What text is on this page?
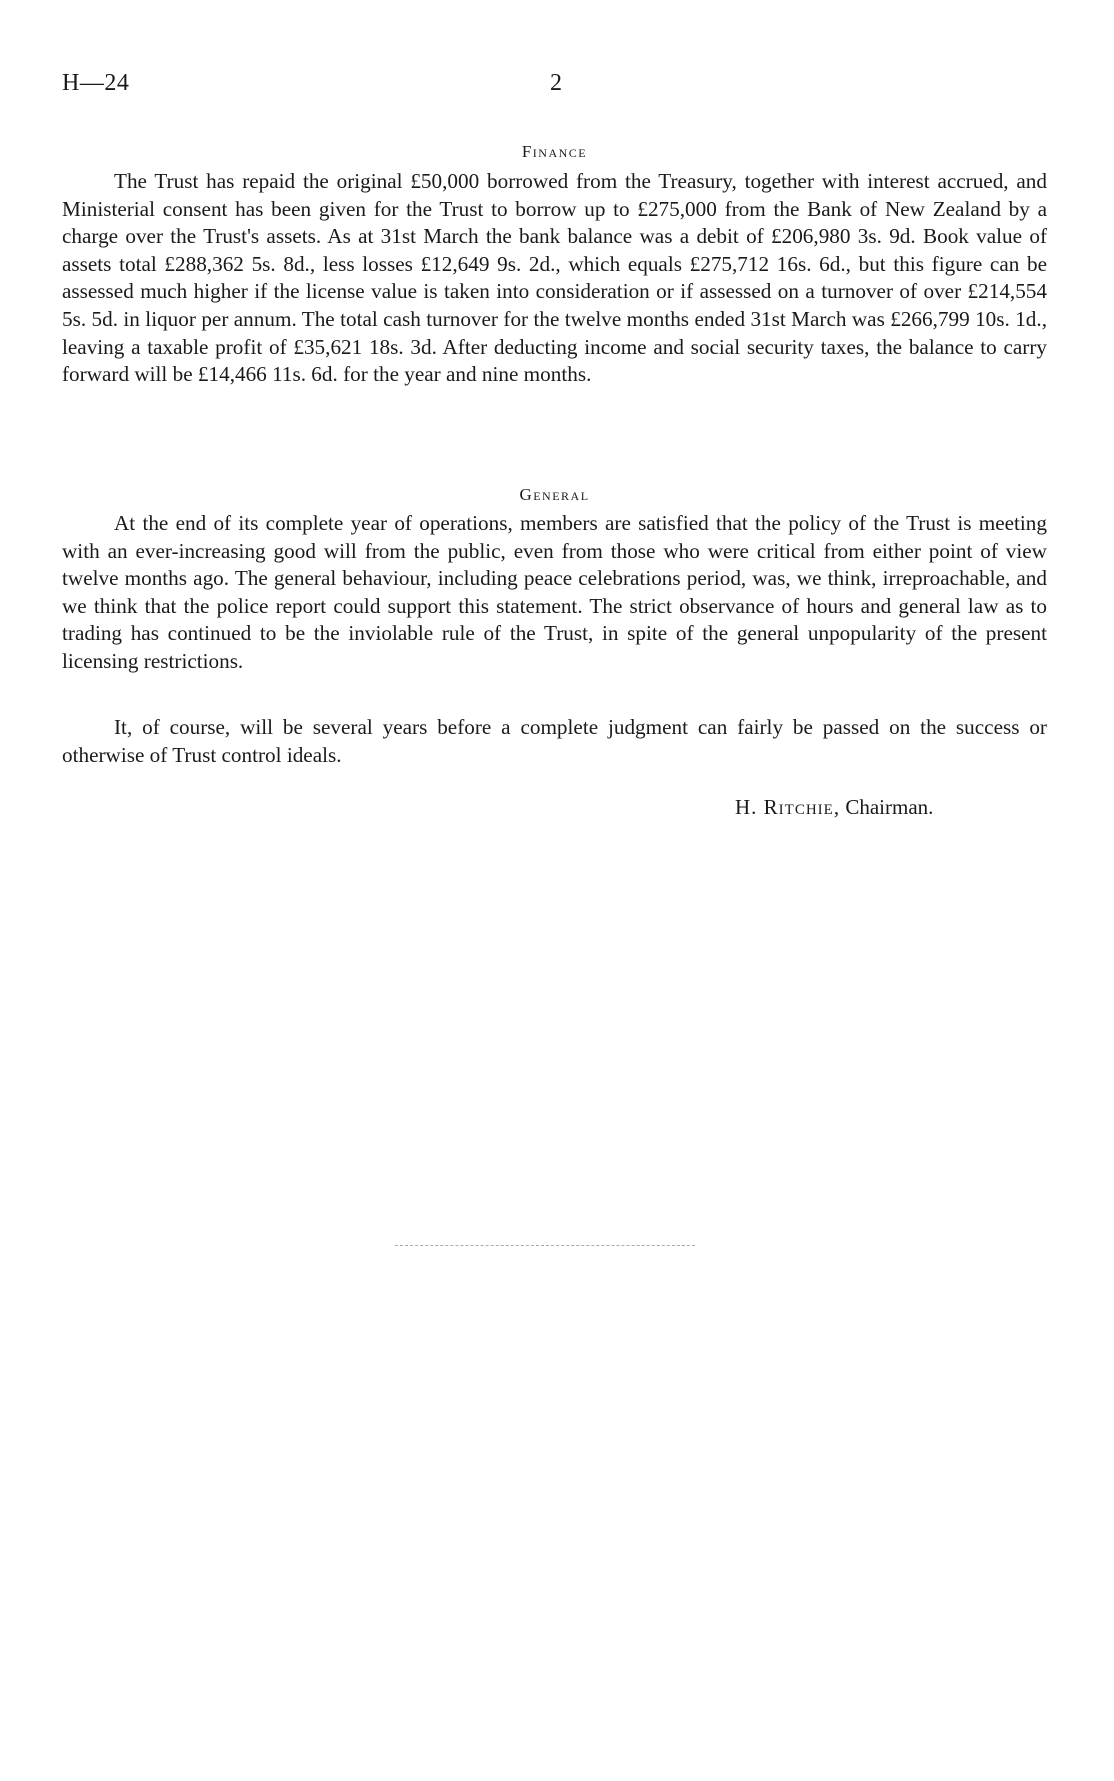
H—24	2
Finance

The Trust has repaid the original £50,000 borrowed from the Treasury, together with interest accrued, and Ministerial consent has been given for the Trust to borrow up to £275,000 from the Bank of New Zealand by a charge over the Trust's assets. As at 31st March the bank balance was a debit of £206,980 3s. 9d. Book value of assets total £288,362 5s. 8d., less losses £12,649 9s. 2d., which equals £275,712 16s. 6d., but this figure can be assessed much higher if the license value is taken into consideration or if assessed on a turnover of over £214,554 5s. 5d. in liquor per annum. The total cash turnover for the twelve months ended 31st March was £266,799 10s. 1d., leaving a taxable profit of £35,621 18s. 3d. After deducting income and social security taxes, the balance to carry forward will be £14,466 11s. 6d. for the year and nine months.

General

At the end of its complete year of operations, members are satisfied that the policy of the Trust is meeting with an ever-increasing good will from the public, even from those who were critical from either point of view twelve months ago. The general behaviour, including peace celebrations period, was, we think, irreproachable, and we think that the police report could support this statement. The strict observance of hours and general law as to trading has continued to be the inviolable rule of the Trust, in spite of the general unpopularity of the present licensing restrictions.

It, of course, will be several years before a complete judgment can fairly be passed on the success or otherwise of Trust control ideals.

H. Ritchie, Chairman.
